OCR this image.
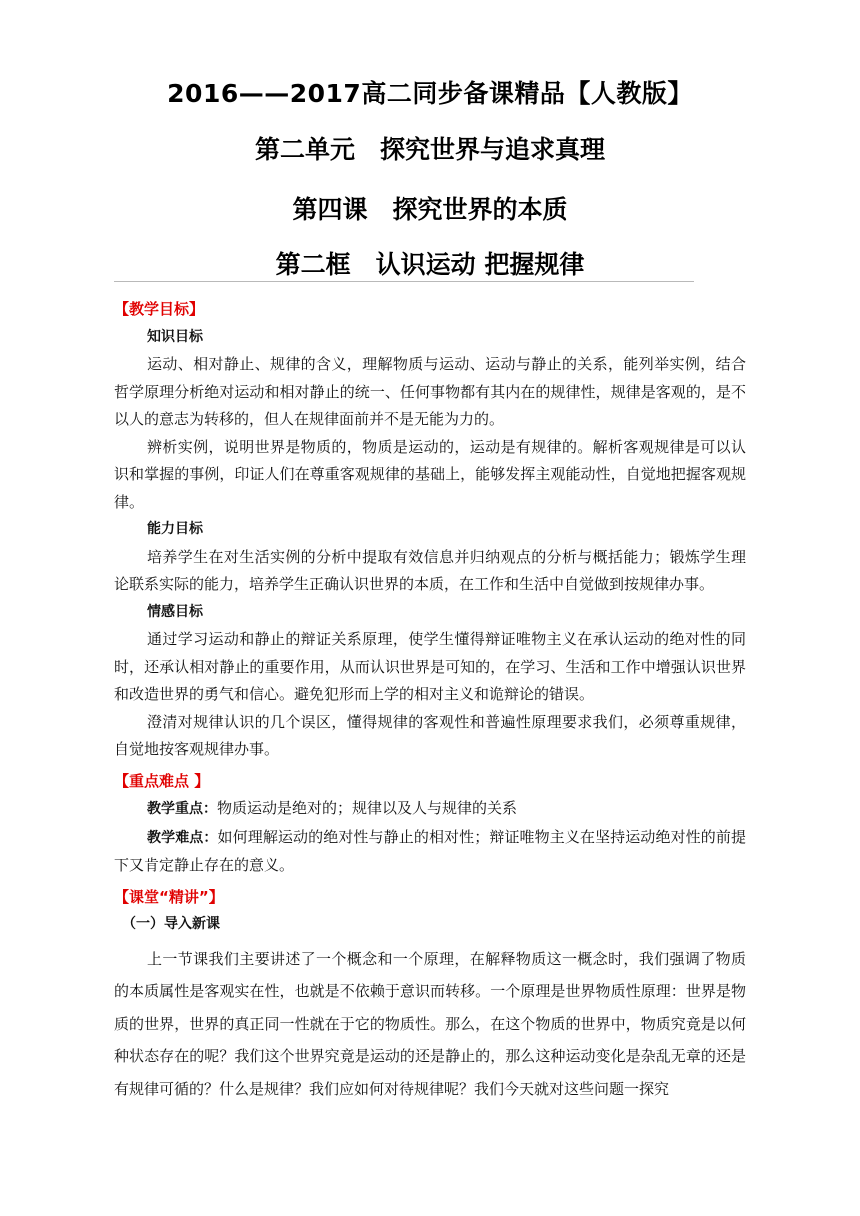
2016——2017高二同步备课精品【人教版】
第二单元　探究世界与追求真理
第四课　探究世界的本质
第二框　认识运动 把握规律

【教学目标】

知识目标

运动、相对静止、规律的含义，理解物质与运动、运动与静止的关系，能列举实例，结合哲学原理分析绝对运动和相对静止的统一、任何事物都有其内在的规律性，规律是客观的，是不以人的意志为转移的，但人在规律面前并不是无能为力的。

辨析实例，说明世界是物质的，物质是运动的，运动是有规律的。解析客观规律是可以认识和掌握的事例，印证人们在尊重客观规律的基础上，能够发挥主观能动性，自觉地把握客观规律。

能力目标

培养学生在对生活实例的分析中提取有效信息并归纳观点的分析与概括能力；锻炼学生理论联系实际的能力，培养学生正确认识世界的本质，在工作和生活中自觉做到按规律办事。

情感目标

通过学习运动和静止的辩证关系原理，使学生懂得辩证唯物主义在承认运动的绝对性的同时，还承认相对静止的重要作用，从而认识世界是可知的，在学习、生活和工作中增强认识世界和改造世界的勇气和信心。避免犯形而上学的相对主义和诡辩论的错误。

澄清对规律认识的几个误区，懂得规律的客观性和普遍性原理要求我们，必须尊重规律，自觉地按客观规律办事。

【重点难点 】

教学重点：物质运动是绝对的；规律以及人与规律的关系

教学难点：如何理解运动的绝对性与静止的相对性；辩证唯物主义在坚持运动绝对性的前提下又肯定静止存在的意义。

【课堂“精讲”】

（一）导入新课

上一节课我们主要讲述了一个概念和一个原理，在解释物质这一概念时，我们强调了物质的本质属性是客观实在性，也就是不依赖于意识而转移。一个原理是世界物质性原理：世界是物质的世界，世界的真正同一性就在于它的物质性。那么，在这个物质的世界中，物质究竟是以何种状态存在的呢？我们这个世界究竟是运动的还是静止的，那么这种运动变化是杂乱无章的还是有规律可循的？什么是规律？我们应如何对待规律呢？我们今天就对这些问题一探究
